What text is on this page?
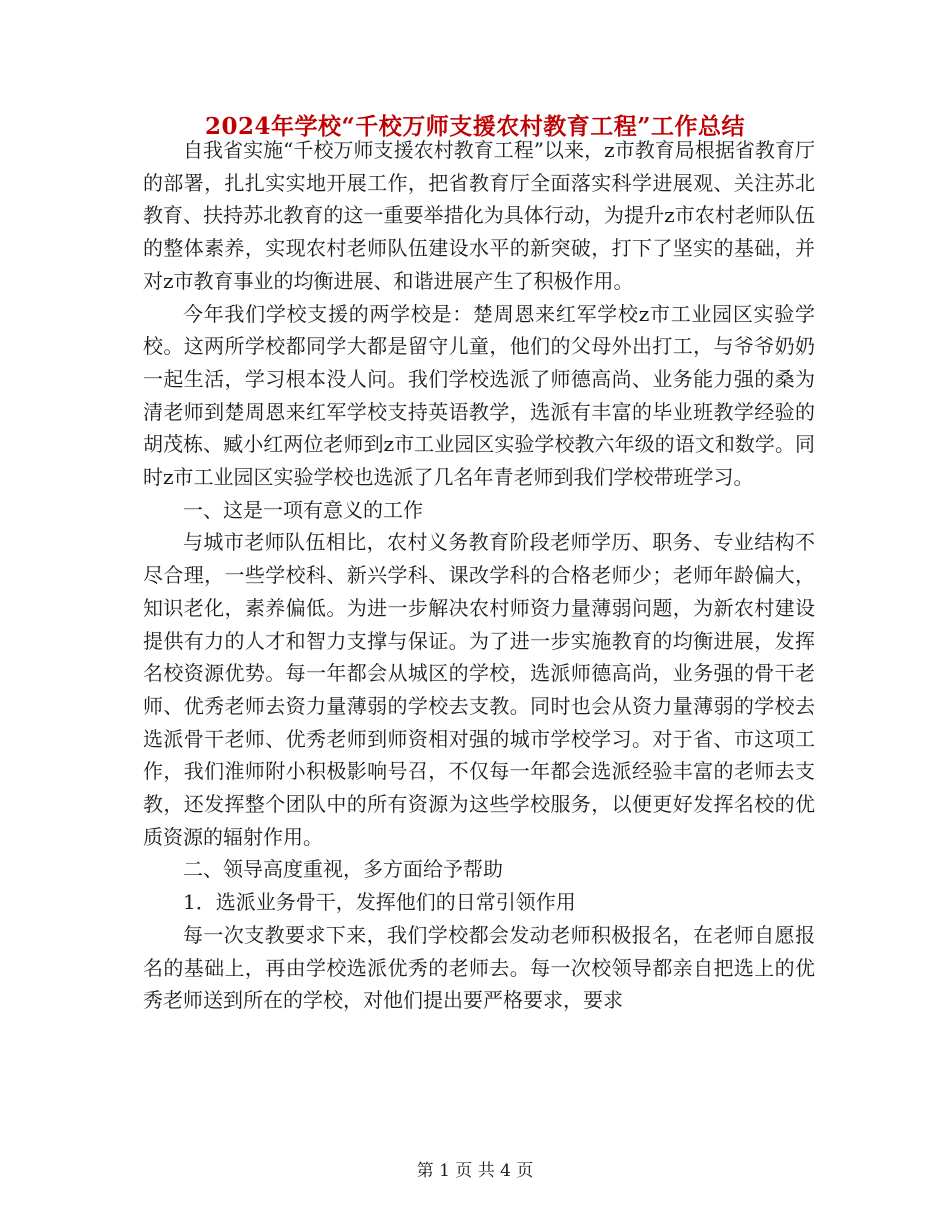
2024年学校“千校万师支援农村教育工程”工作总结

自我省实施“千校万师支援农村教育工程”以来，z市教育局根据省教育厅的部署，扎扎实实地开展工作，把省教育厅全面落实科学进展观、关注苏北教育、扶持苏北教育的这一重要举措化为具体行动，为提升z市农村老师队伍的整体素养，实现农村老师队伍建设水平的新突破，打下了坚实的基础，并对z市教育事业的均衡进展、和谐进展产生了积极作用。

今年我们学校支援的两学校是：楚周恩来红军学校z市工业园区实验学校。这两所学校都同学大都是留守儿童，他们的父母外出打工，与爷爷奶奶一起生活，学习根本没人问。我们学校选派了师德高尚、业务能力强的桑为清老师到楚周恩来红军学校支持英语教学，选派有丰富的毕业班教学经验的胡茂栋、臧小红两位老师到z市工业园区实验学校教六年级的语文和数学。同时z市工业园区实验学校也选派了几名年青老师到我们学校带班学习。

一、这是一项有意义的工作

与城市老师队伍相比，农村义务教育阶段老师学历、职务、专业结构不尽合理，一些学校科、新兴学科、课改学科的合格老师少；老师年龄偏大，知识老化，素养偏低。为进一步解决农村师资力量薄弱问题，为新农村建设提供有力的人才和智力支撑与保证。为了进一步实施教育的均衡进展，发挥名校资源优势。每一年都会从城区的学校，选派师德高尚，业务强的骨干老师、优秀老师去资力量薄弱的学校去支教。同时也会从资力量薄弱的学校去选派骨干老师、优秀老师到师资相对强的城市学校学习。对于省、市这项工作，我们淮师附小积极影响号召，不仅每一年都会选派经验丰富的老师去支教，还发挥整个团队中的所有资源为这些学校服务，以便更好发挥名校的优质资源的辐射作用。

二、领导高度重视，多方面给予帮助

1．选派业务骨干，发挥他们的日常引领作用

每一次支教要求下来，我们学校都会发动老师积极报名，在老师自愿报名的基础上，再由学校选派优秀的老师去。每一次校领导都亲自把选上的优秀老师送到所在的学校，对他们提出要严格要求，要求

第 1 页 共 4 页
